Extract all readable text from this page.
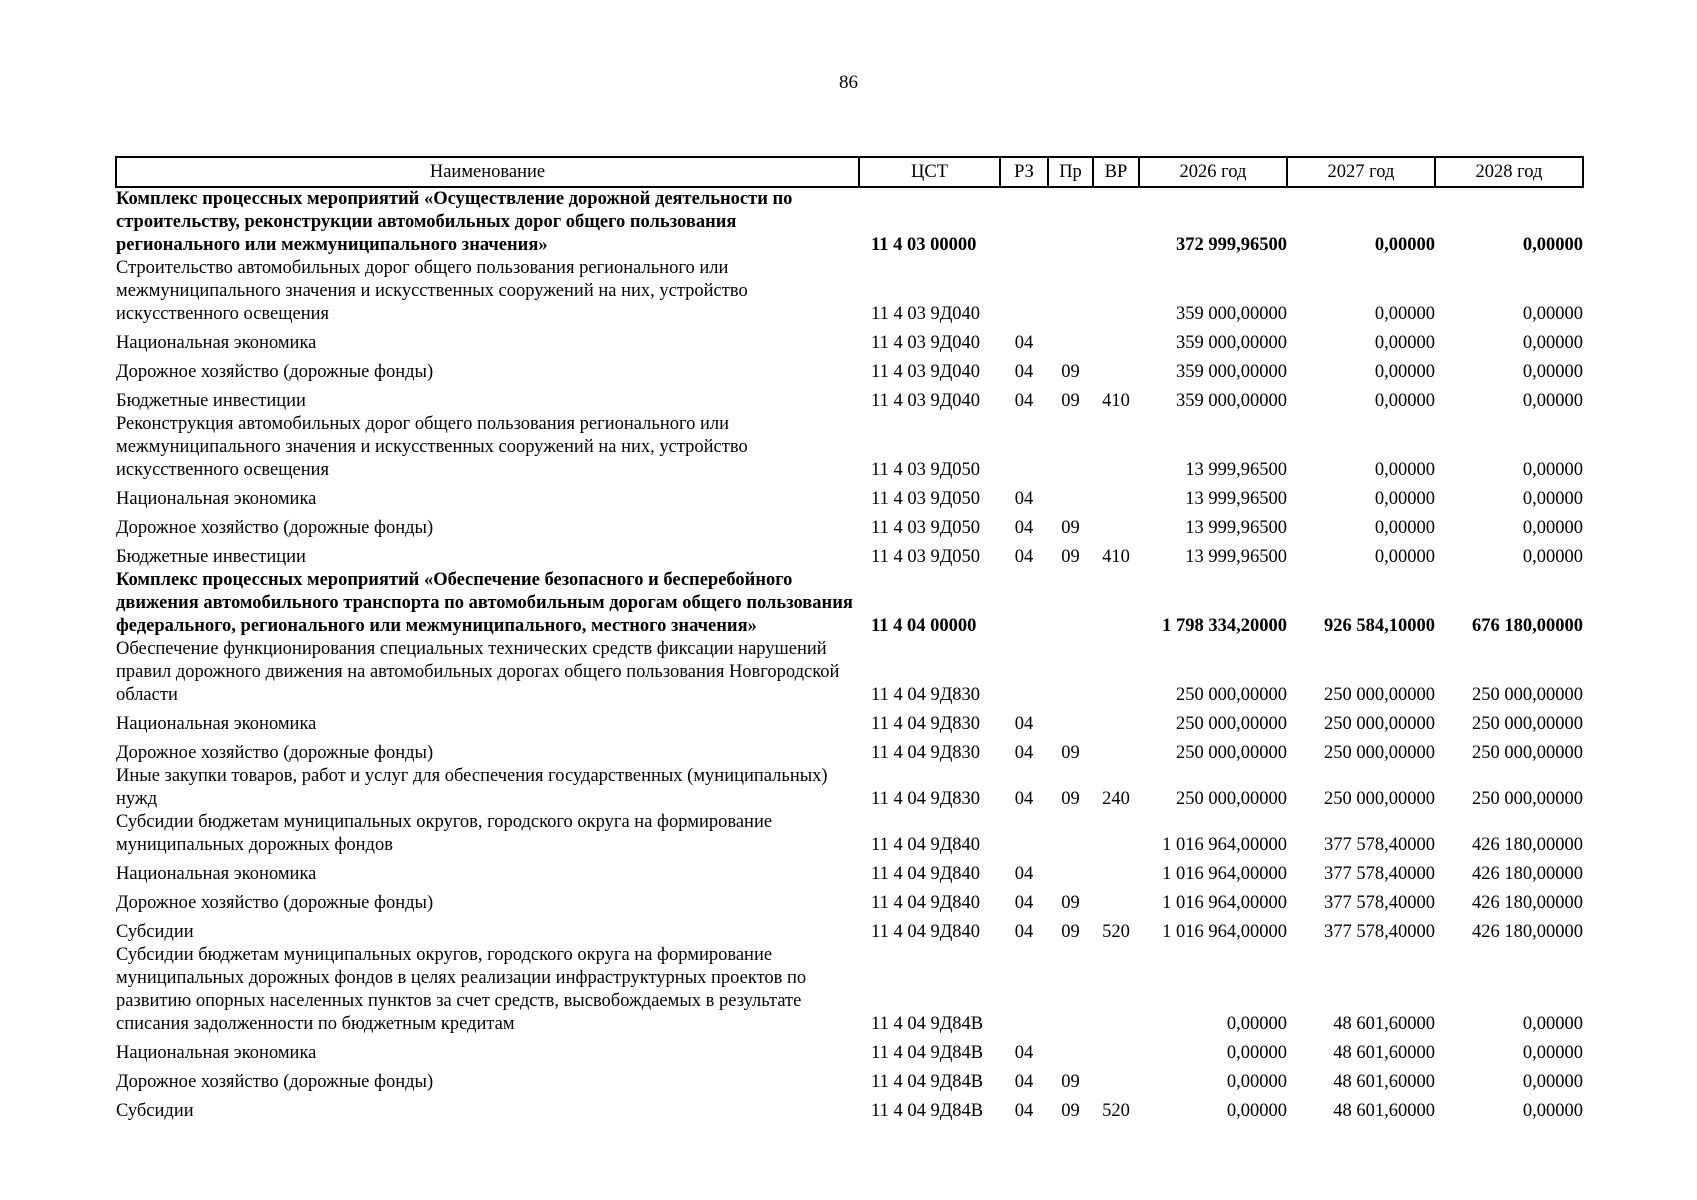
86
Наименование	ЦСТ	РЗ	Пр	ВР	2026 год	2027 год	2028 год
Комплекс процессных мероприятий «Осуществление дорожной деятельности по строительству, реконструкции автомобильных дорог общего пользования регионального или межмуниципального значения»	11 4 03 00000				372 999,96500	0,00000	0,00000
Строительство автомобильных дорог общего пользования регионального или межмуниципального значения и искусственных сооружений на них, устройство искусственного освещения	11 4 03 9Д040				359 000,00000	0,00000	0,00000
Национальная экономика	11 4 03 9Д040	04			359 000,00000	0,00000	0,00000
Дорожное хозяйство (дорожные фонды)	11 4 03 9Д040	04	09		359 000,00000	0,00000	0,00000
Бюджетные инвестиции	11 4 03 9Д040	04	09	410	359 000,00000	0,00000	0,00000
Реконструкция автомобильных дорог общего пользования регионального или межмуниципального значения и искусственных сооружений на них, устройство искусственного освещения	11 4 03 9Д050				13 999,96500	0,00000	0,00000
Национальная экономика	11 4 03 9Д050	04			13 999,96500	0,00000	0,00000
Дорожное хозяйство (дорожные фонды)	11 4 03 9Д050	04	09		13 999,96500	0,00000	0,00000
Бюджетные инвестиции	11 4 03 9Д050	04	09	410	13 999,96500	0,00000	0,00000
Комплекс процессных мероприятий «Обеспечение безопасного и бесперебойного движения автомобильного транспорта по автомобильным дорогам общего пользования федерального, регионального или межмуниципального, местного значения»	11 4 04 00000				1 798 334,20000	926 584,10000	676 180,00000
Обеспечение функционирования специальных технических средств фиксации нарушений правил дорожного движения на автомобильных дорогах общего пользования Новгородской области	11 4 04 9Д830				250 000,00000	250 000,00000	250 000,00000
Национальная экономика	11 4 04 9Д830	04			250 000,00000	250 000,00000	250 000,00000
Дорожное хозяйство (дорожные фонды)	11 4 04 9Д830	04	09		250 000,00000	250 000,00000	250 000,00000
Иные закупки товаров, работ и услуг для обеспечения государственных (муниципальных) нужд	11 4 04 9Д830	04	09	240	250 000,00000	250 000,00000	250 000,00000
Субсидии бюджетам муниципальных округов, городского округа на формирование муниципальных дорожных фондов	11 4 04 9Д840				1 016 964,00000	377 578,40000	426 180,00000
Национальная экономика	11 4 04 9Д840	04			1 016 964,00000	377 578,40000	426 180,00000
Дорожное хозяйство (дорожные фонды)	11 4 04 9Д840	04	09		1 016 964,00000	377 578,40000	426 180,00000
Субсидии	11 4 04 9Д840	04	09	520	1 016 964,00000	377 578,40000	426 180,00000
Субсидии бюджетам муниципальных округов, городского округа на формирование муниципальных дорожных фондов в целях реализации инфраструктурных проектов по развитию опорных населенных пунктов за счет средств, высвобождаемых в результате списания задолженности по бюджетным кредитам	11 4 04 9Д84В				0,00000	48 601,60000	0,00000
Национальная экономика	11 4 04 9Д84В	04			0,00000	48 601,60000	0,00000
Дорожное хозяйство (дорожные фонды)	11 4 04 9Д84В	04	09		0,00000	48 601,60000	0,00000
Субсидии	11 4 04 9Д84В	04	09	520	0,00000	48 601,60000	0,00000
